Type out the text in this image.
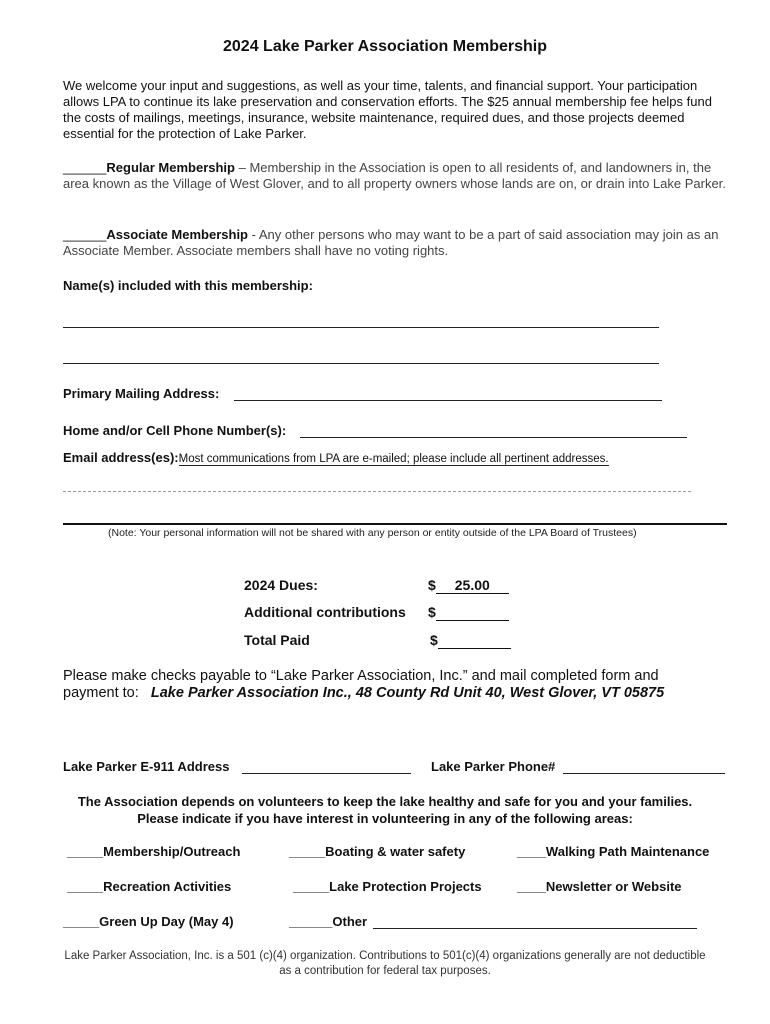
2024 Lake Parker Association Membership
We welcome your input and suggestions, as well as your time, talents, and financial support. Your participation allows LPA to continue its lake preservation and conservation efforts. The $25 annual membership fee helps fund the costs of mailings, meetings, insurance, website maintenance, required dues, and those projects deemed essential for the protection of Lake Parker.
______Regular Membership – Membership in the Association is open to all residents of, and landowners in, the area known as the Village of West Glover, and to all property owners whose lands are on, or drain into Lake Parker.
______Associate Membership - Any other persons who may want to be a part of said association may join as an Associate Member. Associate members shall have no voting rights.
Name(s) included with this membership:
Primary Mailing Address:
Home and/or Cell Phone Number(s):
Email address(es):Most communications from LPA are e-mailed; please include all pertinent addresses.
(Note: Your personal information will not be shared with any person or entity outside of the LPA Board of Trustees)
2024 Dues:	$ 25.00
Additional contributions $
Total Paid	$
Please make checks payable to “Lake Parker Association, Inc.” and mail completed form and
payment to: Lake Parker Association Inc., 48 County Rd Unit 40, West Glover, VT 05875
Lake Parker E-911 Address	Lake Parker Phone#
The Association depends on volunteers to keep the lake healthy and safe for you and your families.
Please indicate if you have interest in volunteering in any of the following areas:
_____Membership/Outreach	_____Boating & water safety	____Walking Path Maintenance
_____Recreation Activities	_____Lake Protection Projects	____Newsletter or Website
_____Green Up Day (May 4)	______Other
Lake Parker Association, Inc. is a 501 (c)(4) organization. Contributions to 501(c)(4) organizations generally are not deductible as a contribution for federal tax purposes.
